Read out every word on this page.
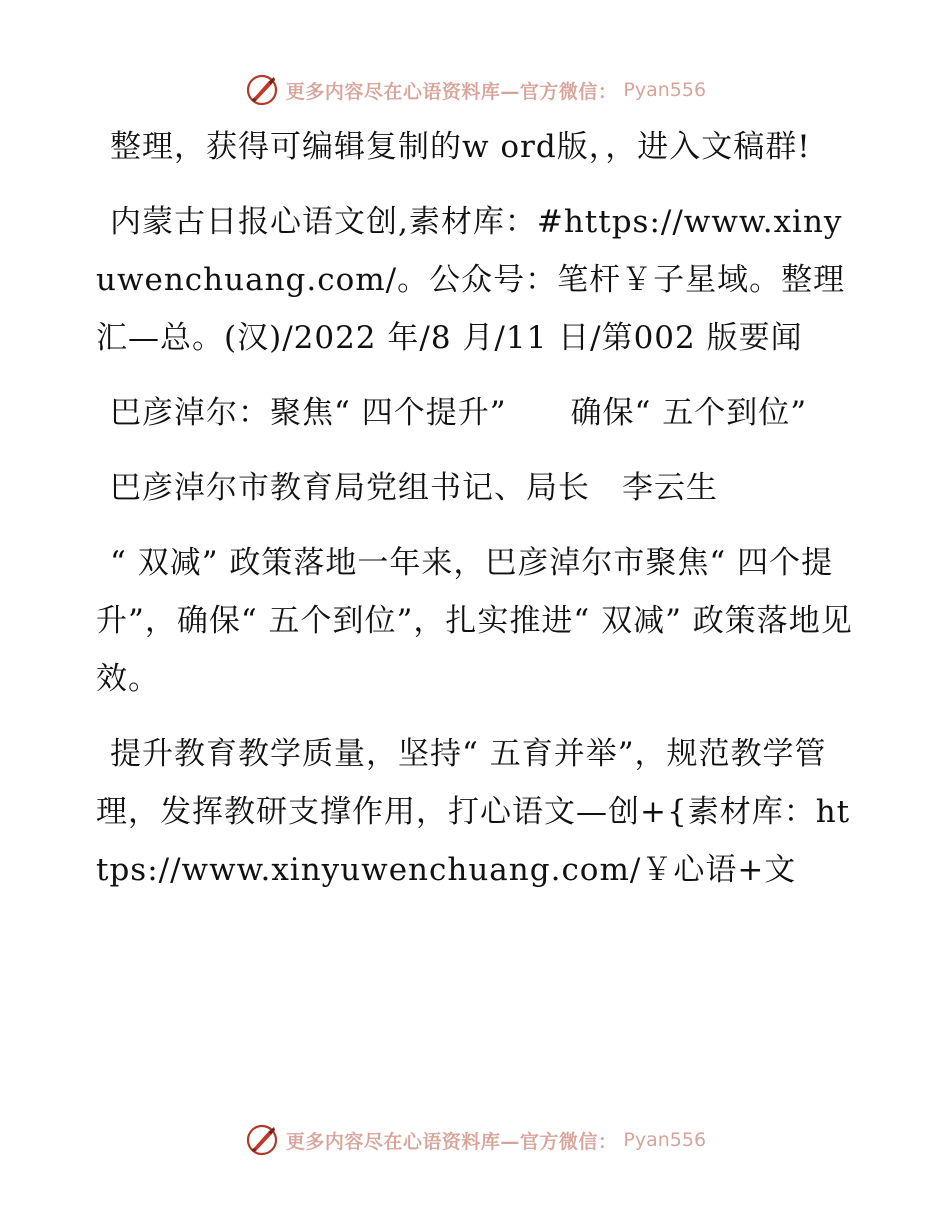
更多内容尽在心语资料库—官方微信： Pyan556

整理，获得可编辑复制的w ord版，，进入文稿群!

内蒙古日报心语文创,素材库：#https://www.xinyuwenchuang.com/。公众号：笔杆￥子星域。整理汇—总。(汉)/2022 年/8 月/11 日/第002 版要闻

巴彦淖尔：聚焦“ 四个提升”　　确保“ 五个到位”

巴彦淖尔市教育局党组书记、局长　李云生

“ 双减” 政策落地一年来，巴彦淖尔市聚焦“ 四个提升”，确保“ 五个到位”，扎实推进“ 双减” 政策落地见效。

提升教育教学质量，坚持“ 五育并举”，规范教学管理，发挥教研支撑作用，打心语文—创+{素材库：https://www.xinyuwenchuang.com/￥心语+文

更多内容尽在心语资料库—官方微信： Pyan556
